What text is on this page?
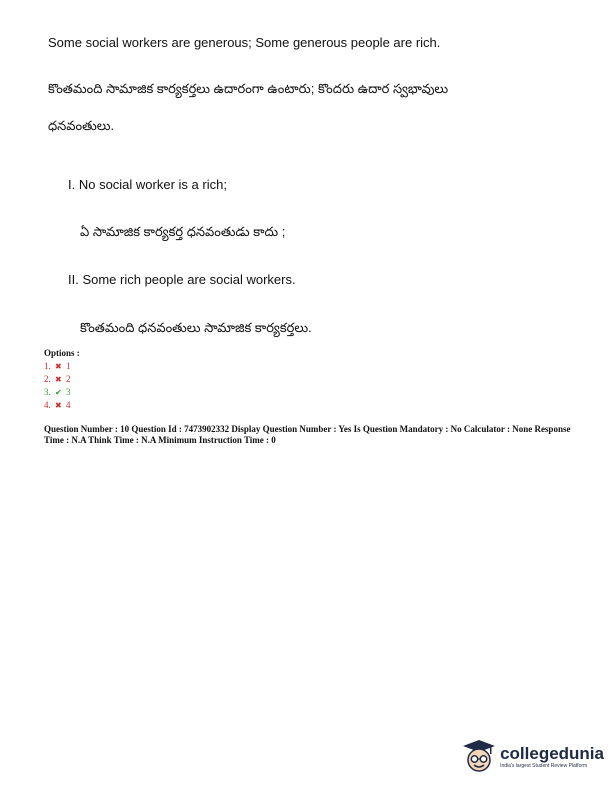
Some social workers are generous; Some generous people are rich.
కొంతమంది సామాజిక కార్యకర్తలు ఉదారంగా ఉంటారు; కొందరు ఉదార స్వభావులు
ధనవంతులు.
I. No social worker is a rich;
ఏ సామాజిక కార్యకర్త ధనవంతుడు కాదు ;
II. Some rich people are social workers.
కొంతమంది ధనవంతులు సామాజిక కార్యకర్తలు.
Options :
1. ✖ 1
2. ✖ 2
3. ✔ 3
4. ✖ 4
Question Number : 10 Question Id : 7473902332 Display Question Number : Yes Is Question Mandatory : No Calculator : None Response Time : N.A Think Time : N.A Minimum Instruction Time : 0
collegedunia
India's largest Student Review Platform
